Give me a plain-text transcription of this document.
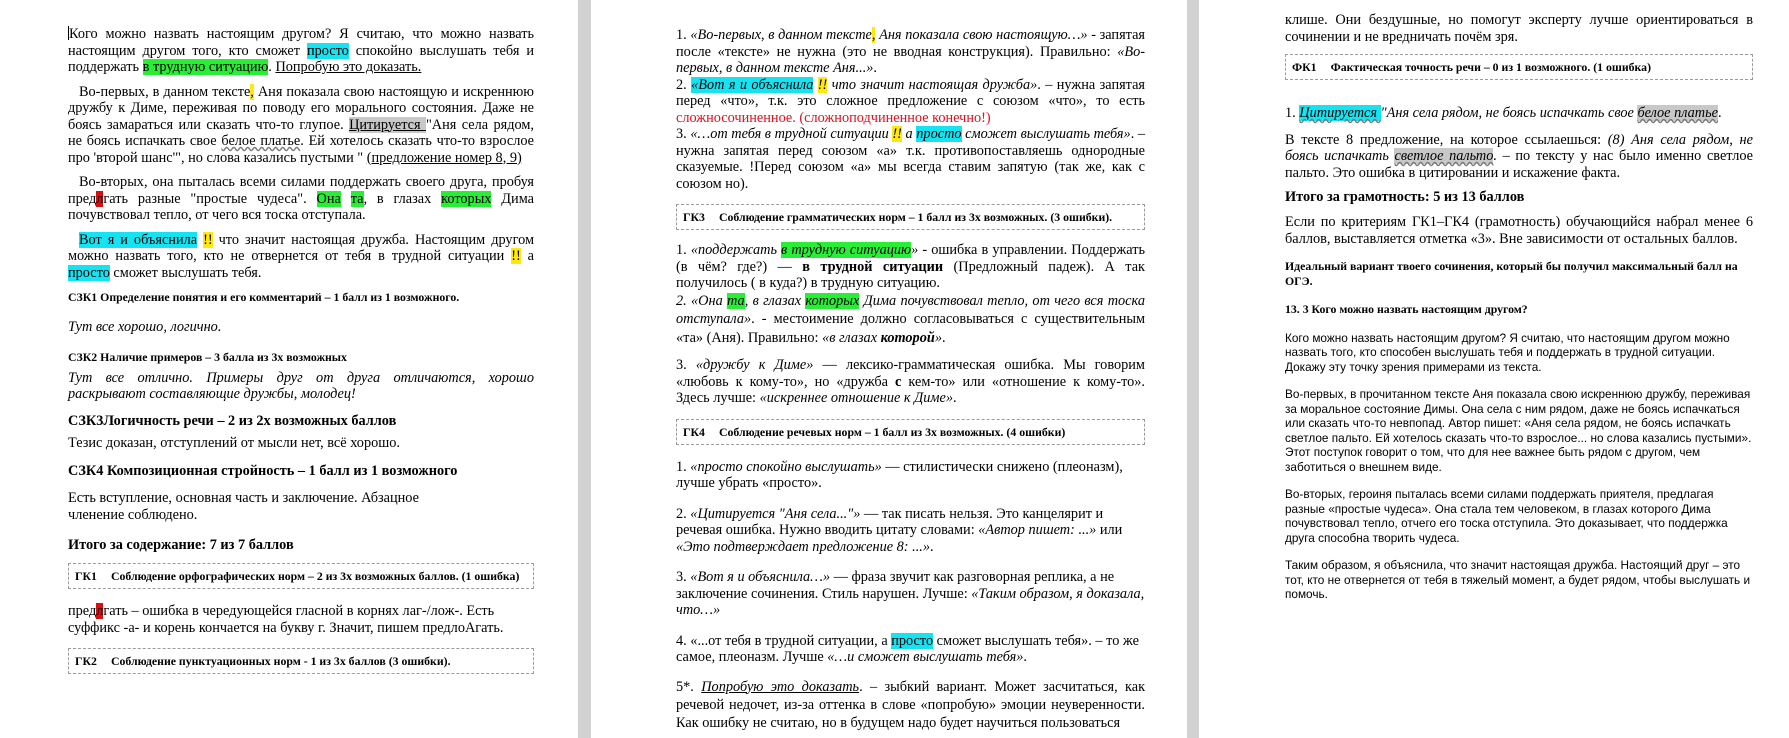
Кого можно назвать настоящим другом? Я считаю, что можно назвать настоящим другом того, кто сможет просто спокойно выслушать тебя и поддержать в трудную ситуацию. Попробую это доказать.

Во-первых, в данном тексте, Аня показала свою настоящую и искреннюю дружбу к Диме, переживая по поводу его морального состояния. Даже не боясь замараться или сказать что-то глупое. Цитируется "Аня села рядом, не боясь испачкать свое белое платье. Ей хотелось сказать что-то взрослое про 'второй шанс'", но слова казались пустыми " (предложение номер 8, 9)

Во-вторых, она пыталась всеми силами поддержать своего друга, пробуя предлгать разные "простые чудеса". Она та, в глазах которых Дима почувствовал тепло, от чего вся тоска отступала.

Вот я и объяснила !! что значит настоящая дружба. Настоящим другом можно назвать того, кто не отвернется от тебя в трудной ситуации !! а просто сможет выслушать тебя.

СЗК1 Определение понятия и его комментарий – 1 балл из 1 возможного.

Тут все хорошо, логично.

СЗК2 Наличие примеров – 3 балла из 3х возможных

Тут все отлично. Примеры друг от друга отличаются, хорошо раскрывают составляющие дружбы, молодец!

СЗК3Логичность речи – 2 из 2х возможных баллов

Тезис доказан, отступлений от мысли нет, всё хорошо.

СЗК4 Композиционная стройность – 1 балл из 1 возможного

Есть вступление, основная часть и заключение. Абзацное членение соблюдено.

Итого за содержание: 7 из 7 баллов

ГК1 Соблюдение орфографических норм – 2 из 3х возможных баллов. (1 ошибка)

предлгать – ошибка в чередующейся гласной в корнях лаг-/лож-. Есть суффикс -а- и корень кончается на букву г. Значит, пишем предлоАгать.

ГК2 Соблюдение пунктуационных норм - 1 из 3х баллов (3 ошибки).

1. «Во-первых, в данном тексте, Аня показала свою настоящую…» - запятая после «тексте» не нужна (это не вводная конструкция). Правильно: «Во-первых, в данном тексте Аня...».

2. «Вот я и объяснила !! что значит настоящая дружба». – нужна запятая перед «что», т.к. это сложное предложение с союзом «что», то есть сложносочиненное. (сложноподчиненное конечно!)

3. «…от тебя в трудной ситуации !! а просто сможет выслушать тебя». – нужна запятая перед союзом «а» т.к. противопоставляешь однородные сказуемые. !Перед союзом «а» мы всегда ставим запятую (так же, как с союзом но).

ГК3 Соблюдение грамматических норм – 1 балл из 3х возможных. (3 ошибки).

1. «поддержать в трудную ситуацию» - ошибка в управлении. Поддержать (в чём? где?) — в трудной ситуации (Предложный падеж). А так получилось ( в куда?) в трудную ситуацию.

2. «Она та, в глазах которых Дима почувствовал тепло, от чего вся тоска отступала». - местоимение должно согласовываться с существительным «та» (Аня). Правильно: «в глазах которой».

3. «дружбу к Диме» — лексико-грамматическая ошибка. Мы говорим «любовь к кому-то», но «дружба с кем-то» или «отношение к кому-то». Здесь лучше: «искреннее отношение к Диме».

ГК4 Соблюдение речевых норм – 1 балл из 3х возможных. (4 ошибки)

1. «просто спокойно выслушать» — стилистически снижено (плеоназм), лучше убрать «просто».

2. «Цитируется "Аня села..."» — так писать нельзя. Это канцелярит и речевая ошибка. Нужно вводить цитату словами: «Автор пишет: ...» или «Это подтверждает предложение 8: ...».

3. «Вот я и объяснила…» — фраза звучит как разговорная реплика, а не заключение сочинения. Стиль нарушен. Лучше: «Таким образом, я доказала, что…»

4. «...от тебя в трудной ситуации, а просто сможет выслушать тебя». – то же самое, плеоназм. Лучше «…и сможет выслушать тебя».

5*. Попробую это доказать. – зыбкий вариант. Может засчитаться, как речевой недочет, из-за оттенка в слове «попробую» эмоции неуверенности. Как ошибку не считаю, но в будущем надо будет научиться пользоваться

клише. Они бездушные, но помогут эксперту лучше ориентироваться в сочинении и не вредничать почём зря.

ФК1 Фактическая точность речи – 0 из 1 возможного. (1 ошибка)

1. Цитируется "Аня села рядом, не боясь испачкать свое белое платье.

В тексте 8 предложение, на которое ссылаешься: (8) Аня села рядом, не боясь испачкать светлое пальто. – по тексту у нас было именно светлое пальто. Это ошибка в цитировании и искажение факта.

Итого за грамотность: 5 из 13 баллов

Если по критериям ГК1–ГК4 (грамотность) обучающийся набрал менее 6 баллов, выставляется отметка «3». Вне зависимости от остальных баллов.

Идеальный вариант твоего сочинения, который бы получил максимальный балл на ОГЭ.

13. 3 Кого можно назвать настоящим другом?

Кого можно назвать настоящим другом? Я считаю, что настоящим другом можно назвать того, кто способен выслушать тебя и поддержать в трудной ситуации. Докажу эту точку зрения примерами из текста.

Во-первых, в прочитанном тексте Аня показала свою искреннюю дружбу, переживая за моральное состояние Димы. Она села с ним рядом, даже не боясь испачкаться или сказать что-то невпопад. Автор пишет: «Аня села рядом, не боясь испачкать светлое пальто. Ей хотелось сказать что-то взрослое... но слова казались пустыми». Этот поступок говорит о том, что для нее важнее быть рядом с другом, чем заботиться о внешнем виде.

Во-вторых, героиня пыталась всеми силами поддержать приятеля, предлагая разные «простые чудеса». Она стала тем человеком, в глазах которого Дима почувствовал тепло, отчего его тоска отступила. Это доказывает, что поддержка друга способна творить чудеса.

Таким образом, я объяснила, что значит настоящая дружба. Настоящий друг – это тот, кто не отвернется от тебя в тяжелый момент, а будет рядом, чтобы выслушать и помочь.
